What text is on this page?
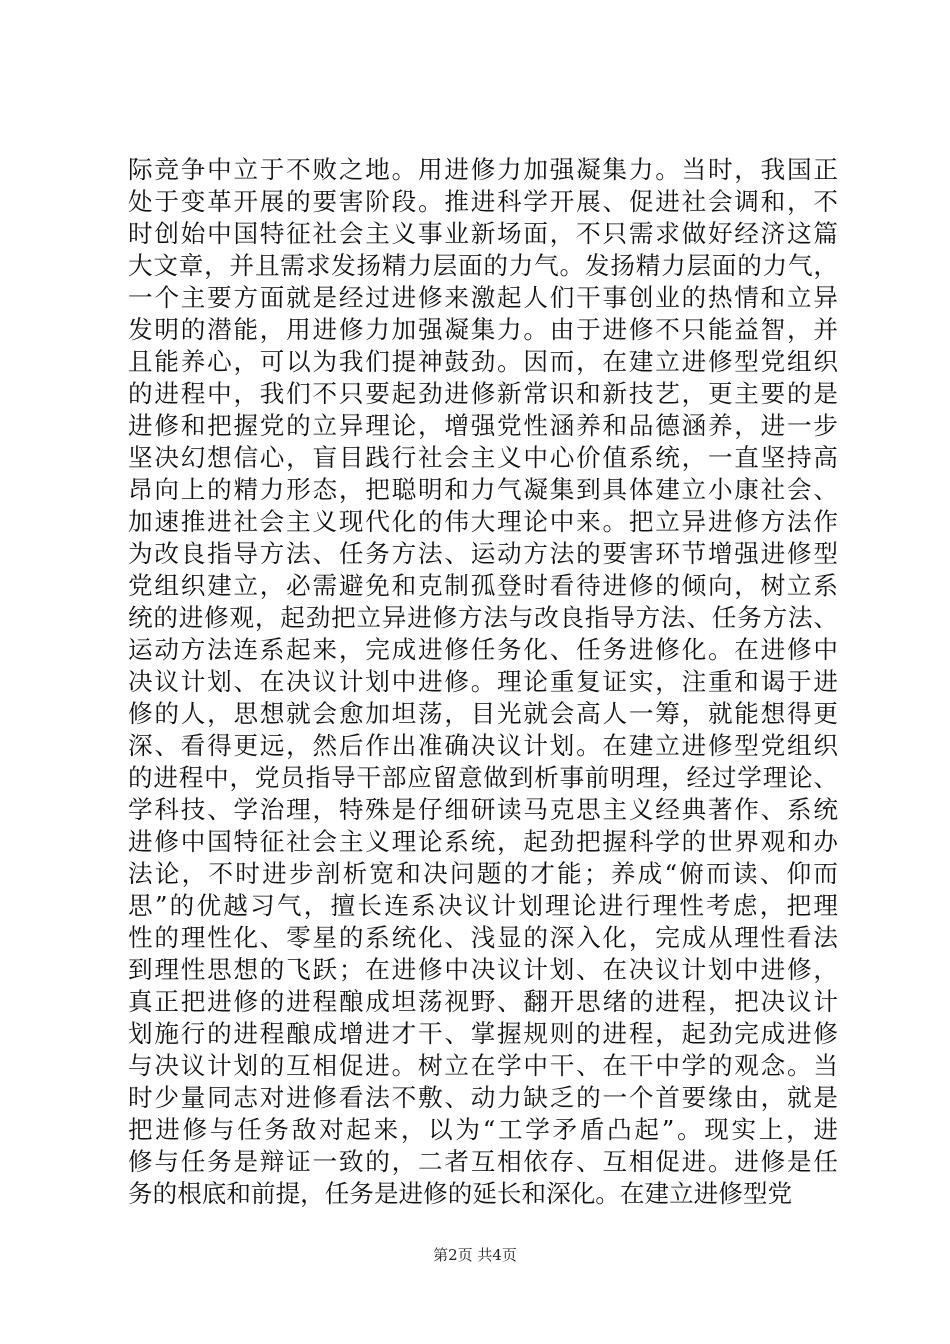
际竞争中立于不败之地。用进修力加强凝集力。当时，我国正
处于变革开展的要害阶段。推进科学开展、促进社会调和，不
时创始中国特征社会主义事业新场面，不只需求做好经济这篇
大文章，并且需求发扬精力层面的力气。发扬精力层面的力气，
一个主要方面就是经过进修来激起人们干事创业的热情和立异
发明的潜能，用进修力加强凝集力。由于进修不只能益智，并
且能养心，可以为我们提神鼓劲。因而，在建立进修型党组织
的进程中，我们不只要起劲进修新常识和新技艺，更主要的是
进修和把握党的立异理论，增强党性涵养和品德涵养，进一步
坚决幻想信心，盲目践行社会主义中心价值系统，一直坚持高
昂向上的精力形态，把聪明和力气凝集到具体建立小康社会、
加速推进社会主义现代化的伟大理论中来。把立异进修方法作
为改良指导方法、任务方法、运动方法的要害环节增强进修型
党组织建立，必需避免和克制孤登时看待进修的倾向，树立系
统的进修观，起劲把立异进修方法与改良指导方法、任务方法、
运动方法连系起来，完成进修任务化、任务进修化。在进修中
决议计划、在决议计划中进修。理论重复证实，注重和谒于进
修的人，思想就会愈加坦荡，目光就会高人一筹，就能想得更
深、看得更远，然后作出准确决议计划。在建立进修型党组织
的进程中，党员指导干部应留意做到析事前明理，经过学理论、
学科技、学治理，特殊是仔细研读马克思主义经典著作、系统
进修中国特征社会主义理论系统，起劲把握科学的世界观和办
法论，不时进步剖析宽和决问题的才能；养成“俯而读、仰而
思”的优越习气，擅长连系决议计划理论进行理性考虑，把理
性的理性化、零星的系统化、浅显的深入化，完成从理性看法
到理性思想的飞跃；在进修中决议计划、在决议计划中进修，
真正把进修的进程酿成坦荡视野、翻开思绪的进程，把决议计
划施行的进程酿成增进才干、掌握规则的进程，起劲完成进修
与决议计划的互相促进。树立在学中干、在干中学的观念。当
时少量同志对进修看法不敷、动力缺乏的一个首要缘由，就是
把进修与任务敌对起来，以为“工学矛盾凸起”。现实上，进
修与任务是辩证一致的，二者互相依存、互相促进。进修是任
务的根底和前提，任务是进修的延长和深化。在建立进修型党
第2页 共4页
